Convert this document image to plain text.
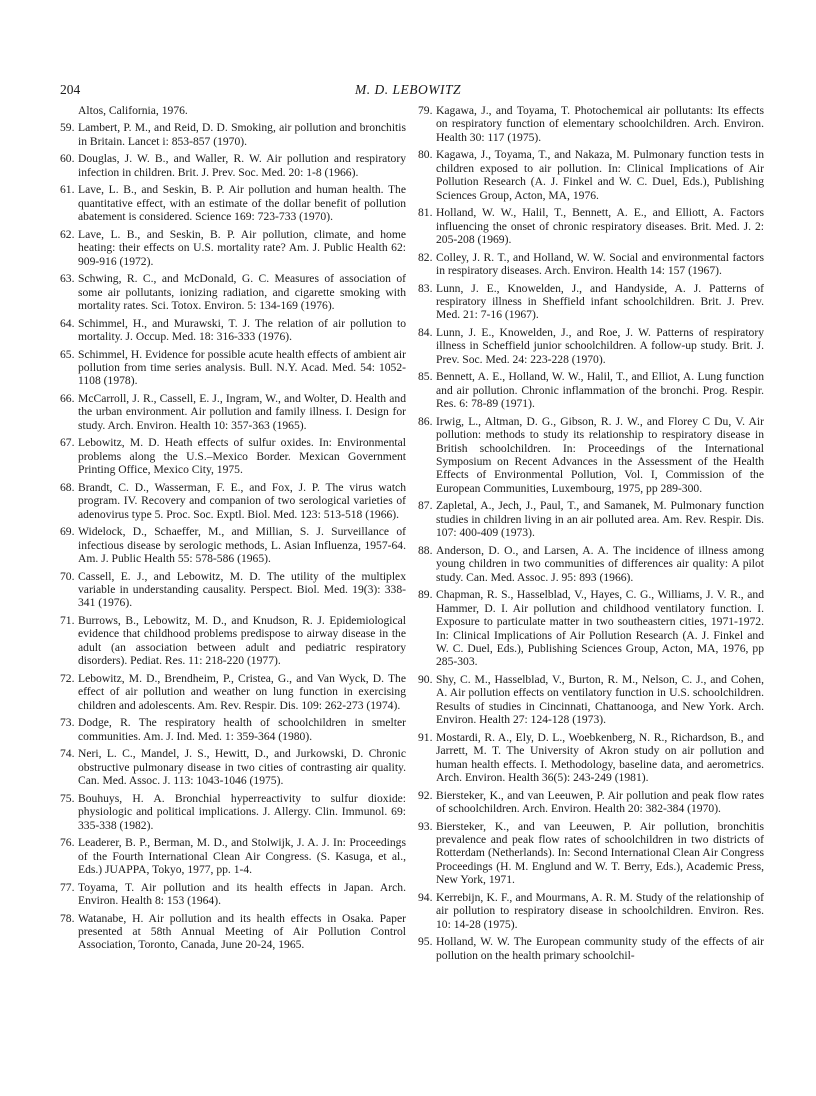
204	M. D. LEBOWITZ
Altos, California, 1976.
59. Lambert, P. M., and Reid, D. D. Smoking, air pollution and bronchitis in Britain. Lancet i: 853-857 (1970).
60. Douglas, J. W. B., and Waller, R. W. Air pollution and respiratory infection in children. Brit. J. Prev. Soc. Med. 20: 1-8 (1966).
61. Lave, L. B., and Seskin, B. P. Air pollution and human health. The quantitative effect, with an estimate of the dollar benefit of pollution abatement is considered. Science 169: 723-733 (1970).
62. Lave, L. B., and Seskin, B. P. Air pollution, climate, and home heating: their effects on U.S. mortality rate? Am. J. Public Health 62: 909-916 (1972).
63. Schwing, R. C., and McDonald, G. C. Measures of association of some air pollutants, ionizing radiation, and cigarette smoking with mortality rates. Sci. Totox. Environ. 5: 134-169 (1976).
64. Schimmel, H., and Murawski, T. J. The relation of air pollution to mortality. J. Occup. Med. 18: 316-333 (1976).
65. Schimmel, H. Evidence for possible acute health effects of ambient air pollution from time series analysis. Bull. N.Y. Acad. Med. 54: 1052-1108 (1978).
66. McCarroll, J. R., Cassell, E. J., Ingram, W., and Wolter, D. Health and the urban environment. Air pollution and family illness. I. Design for study. Arch. Environ. Health 10: 357-363 (1965).
67. Lebowitz, M. D. Heath effects of sulfur oxides. In: Environmental problems along the U.S.–Mexico Border. Mexican Government Printing Office, Mexico City, 1975.
68. Brandt, C. D., Wasserman, F. E., and Fox, J. P. The virus watch program. IV. Recovery and companion of two serological varieties of adenovirus type 5. Proc. Soc. Exptl. Biol. Med. 123: 513-518 (1966).
69. Widelock, D., Schaeffer, M., and Millian, S. J. Surveillance of infectious disease by serologic methods, L. Asian Influenza, 1957-64. Am. J. Public Health 55: 578-586 (1965).
70. Cassell, E. J., and Lebowitz, M. D. The utility of the multiplex variable in understanding causality. Perspect. Biol. Med. 19(3): 338-341 (1976).
71. Burrows, B., Lebowitz, M. D., and Knudson, R. J. Epidemiological evidence that childhood problems predispose to airway disease in the adult (an association between adult and pediatric respiratory disorders). Pediat. Res. 11: 218-220 (1977).
72. Lebowitz, M. D., Brendheim, P., Cristea, G., and Van Wyck, D. The effect of air pollution and weather on lung function in exercising children and adolescents. Am. Rev. Respir. Dis. 109: 262-273 (1974).
73. Dodge, R. The respiratory health of schoolchildren in smelter communities. Am. J. Ind. Med. 1: 359-364 (1980).
74. Neri, L. C., Mandel, J. S., Hewitt, D., and Jurkowski, D. Chronic obstructive pulmonary disease in two cities of contrasting air quality. Can. Med. Assoc. J. 113: 1043-1046 (1975).
75. Bouhuys, H. A. Bronchial hyperreactivity to sulfur dioxide: physiologic and political implications. J. Allergy. Clin. Immunol. 69: 335-338 (1982).
76. Leaderer, B. P., Berman, M. D., and Stolwijk, J. A. J. In: Proceedings of the Fourth International Clean Air Congress. (S. Kasuga, et al., Eds.) JUAPPA, Tokyo, 1977, pp. 1-4.
77. Toyama, T. Air pollution and its health effects in Japan. Arch. Environ. Health 8: 153 (1964).
78. Watanabe, H. Air pollution and its health effects in Osaka. Paper presented at 58th Annual Meeting of Air Pollution Control Association, Toronto, Canada, June 20-24, 1965.
79. Kagawa, J., and Toyama, T. Photochemical air pollutants: Its effects on respiratory function of elementary schoolchildren. Arch. Environ. Health 30: 117 (1975).
80. Kagawa, J., Toyama, T., and Nakaza, M. Pulmonary function tests in children exposed to air pollution. In: Clinical Implications of Air Pollution Research (A. J. Finkel and W. C. Duel, Eds.), Publishing Sciences Group, Acton, MA, 1976.
81. Holland, W. W., Halil, T., Bennett, A. E., and Elliott, A. Factors influencing the onset of chronic respiratory diseases. Brit. Med. J. 2: 205-208 (1969).
82. Colley, J. R. T., and Holland, W. W. Social and environmental factors in respiratory diseases. Arch. Environ. Health 14: 157 (1967).
83. Lunn, J. E., Knowelden, J., and Handyside, A. J. Patterns of respiratory illness in Sheffield infant schoolchildren. Brit. J. Prev. Med. 21: 7-16 (1967).
84. Lunn, J. E., Knowelden, J., and Roe, J. W. Patterns of respiratory illness in Scheffield junior schoolchildren. A follow-up study. Brit. J. Prev. Soc. Med. 24: 223-228 (1970).
85. Bennett, A. E., Holland, W. W., Halil, T., and Elliot, A. Lung function and air pollution. Chronic inflammation of the bronchi. Prog. Respir. Res. 6: 78-89 (1971).
86. Irwig, L., Altman, D. G., Gibson, R. J. W., and Florey C Du, V. Air pollution: methods to study its relationship to respiratory disease in British schoolchildren. In: Proceedings of the International Symposium on Recent Advances in the Assessment of the Health Effects of Environmental Pollution, Vol. I, Commission of the European Communities, Luxembourg, 1975, pp 289-300.
87. Zapletal, A., Jech, J., Paul, T., and Samanek, M. Pulmonary function studies in children living in an air polluted area. Am. Rev. Respir. Dis. 107: 400-409 (1973).
88. Anderson, D. O., and Larsen, A. A. The incidence of illness among young children in two communities of differences air quality: A pilot study. Can. Med. Assoc. J. 95: 893 (1966).
89. Chapman, R. S., Hasselblad, V., Hayes, C. G., Williams, J. V. R., and Hammer, D. I. Air pollution and childhood ventilatory function. I. Exposure to particulate matter in two southeastern cities, 1971-1972. In: Clinical Implications of Air Pollution Research (A. J. Finkel and W. C. Duel, Eds.), Publishing Sciences Group, Acton, MA, 1976, pp 285-303.
90. Shy, C. M., Hasselblad, V., Burton, R. M., Nelson, C. J., and Cohen, A. Air pollution effects on ventilatory function in U.S. schoolchildren. Results of studies in Cincinnati, Chattanooga, and New York. Arch. Environ. Health 27: 124-128 (1973).
91. Mostardi, R. A., Ely, D. L., Woebkenberg, N. R., Richardson, B., and Jarrett, M. T. The University of Akron study on air pollution and human health effects. I. Methodology, baseline data, and aerometrics. Arch. Environ. Health 36(5): 243-249 (1981).
92. Biersteker, K., and van Leeuwen, P. Air pollution and peak flow rates of schoolchildren. Arch. Environ. Health 20: 382-384 (1970).
93. Biersteker, K., and van Leeuwen, P. Air pollution, bronchitis prevalence and peak flow rates of schoolchildren in two districts of Rotterdam (Netherlands). In: Second International Clean Air Congress Proceedings (H. M. Englund and W. T. Berry, Eds.), Academic Press, New York, 1971.
94. Kerrebijn, K. F., and Mourmans, A. R. M. Study of the relationship of air pollution to respiratory disease in schoolchildren. Environ. Res. 10: 14-28 (1975).
95. Holland, W. W. The European community study of the effects of air pollution on the health primary schoolchil-
